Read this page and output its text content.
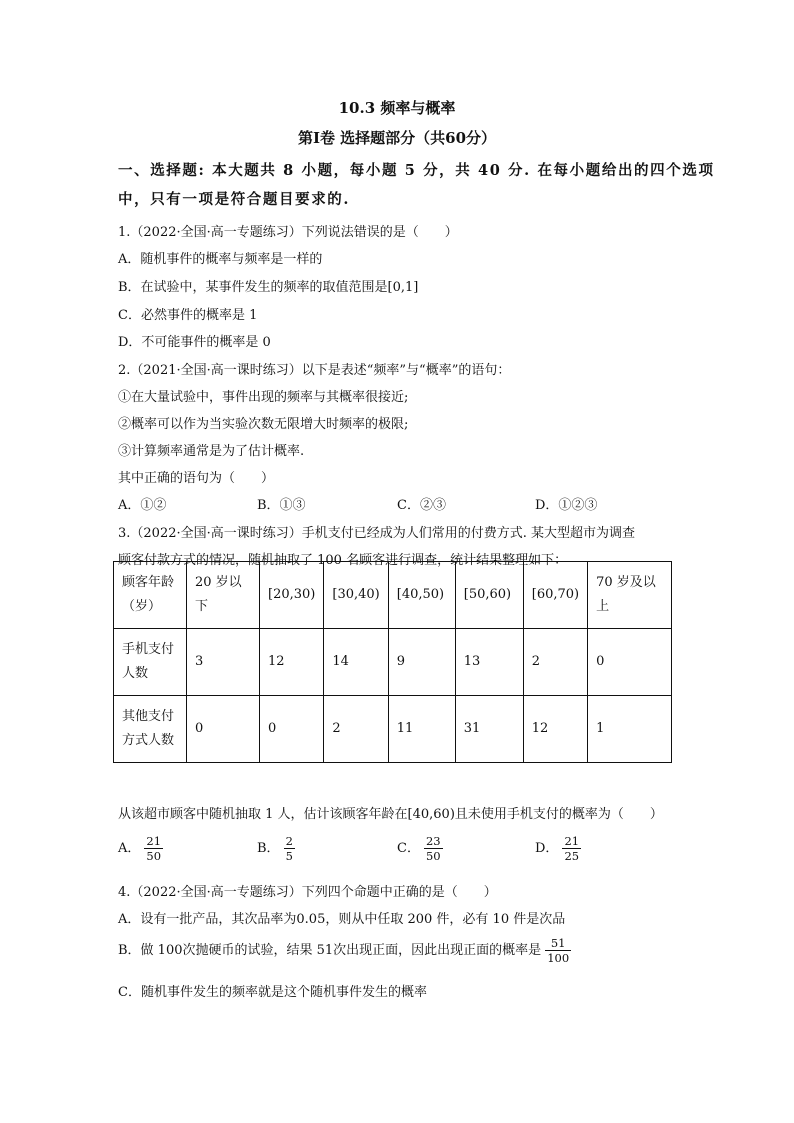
10.3 频率与概率
第Ⅰ卷 选择题部分（共60分）
一、选择题: 本大题共 8 小题，每小题 5 分，共 40 分. 在每小题给出的四个选项
中，只有一项是符合题目要求的.
1.（2022·全国·高一专题练习）下列说法错误的是（　　）
A．随机事件的概率与频率是一样的
B．在试验中，某事件发生的频率的取值范围是[0,1]
C．必然事件的概率是 1
D．不可能事件的概率是 0
2.（2021·全国·高一课时练习）以下是表述“频率”与“概率”的语句：
①在大量试验中，事件出现的频率与其概率很接近;
②概率可以作为当实验次数无限增大时频率的极限;
③计算频率通常是为了估计概率.
其中正确的语句为（　　）
A．①②	B．①③	C．②③	D．①②③
3.（2022·全国·高一课时练习）手机支付已经成为人们常用的付费方式. 某大型超市为调查
顾客付款方式的情况，随机抽取了 100 名顾客进行调查，统计结果整理如下：
顾客年龄
（岁）	20 岁以下	[20,30)	[30,40)	[40,50)	[50,60)	[60,70)	70 岁及以
上

手机支付
人数	3	12	14	9	13	2	0

其他支付
方式人数	0	0	2	11	31	12	1
从该超市顾客中随机抽取 1 人，估计该顾客年龄在[40,60)且未使用手机支付的概率为（　　）
A． $\frac{21}{50}$	B． $\frac{2}{5}$	C． $\frac{23}{50}$	D． $\frac{21}{25}$
4.（2022·全国·高一专题练习）下列四个命题中正确的是（　　）
A．设有一批产品，其次品率为0.05，则从中任取 200 件，必有 10 件是次品
B．做 100次抛硬币的试验，结果 51次出现正面，因此出现正面的概率是 $\frac{51}{100}$
C．随机事件发生的频率就是这个随机事件发生的概率
